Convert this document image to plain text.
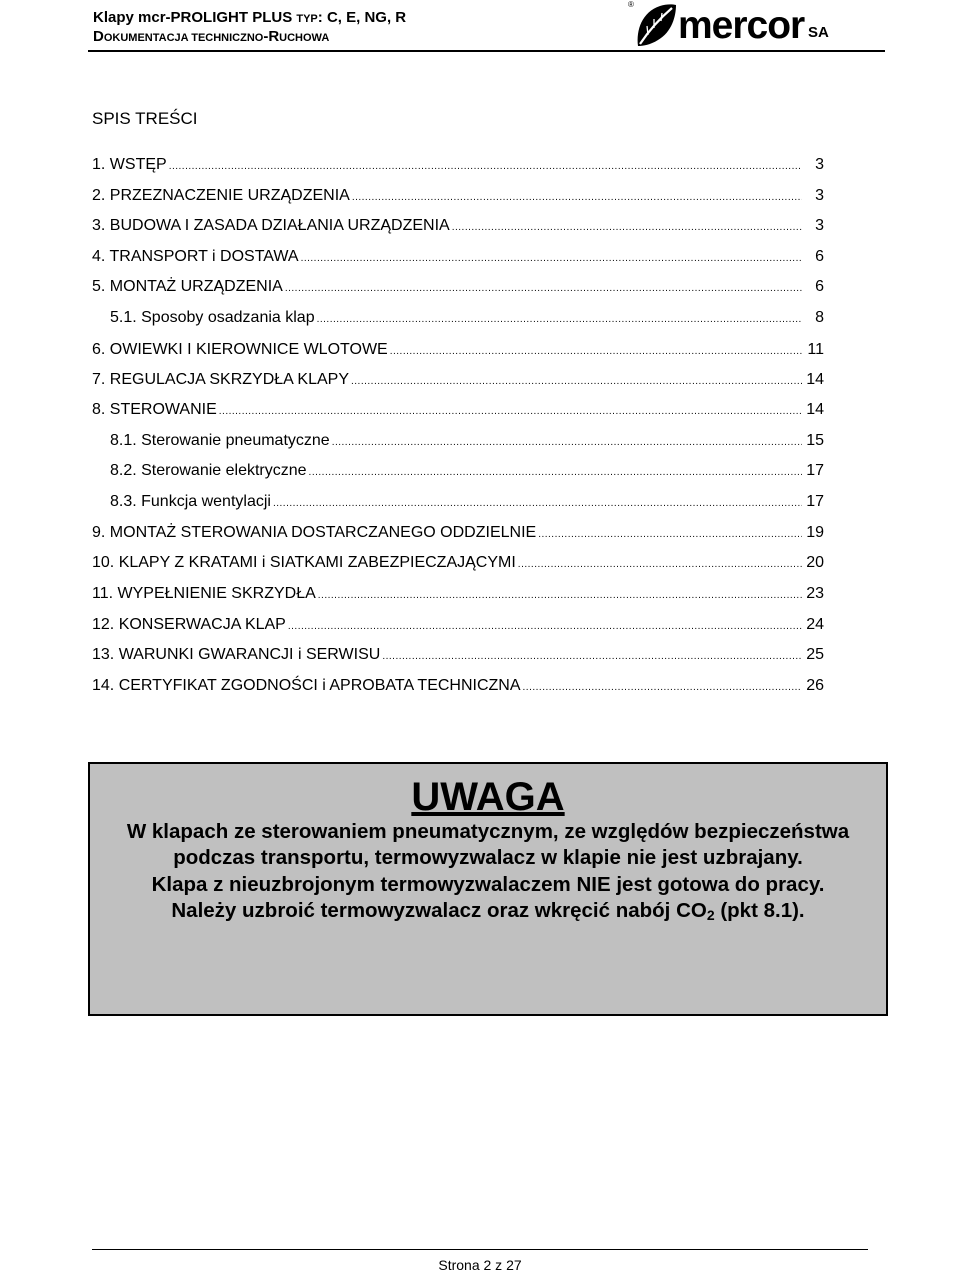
Klapy mcr-PROLIGHT PLUS TYP: C, E, NG, R
DOKUMENTACJA TECHNICZNO-RUCHOWA
® mercor SA
SPIS TREŚCI
1. WSTĘP .....	3
2. PRZEZNACZENIE URZĄDZENIA .....	3
3. BUDOWA I ZASADA DZIAŁANIA URZĄDZENIA .....	3
4. TRANSPORT i DOSTAWA .....	6
5. MONTAŻ URZĄDZENIA .....	6
5.1. Sposoby osadzania klap .....	8
6. OWIEWKI I KIEROWNICE WLOTOWE .....	11
7. REGULACJA SKRZYDŁA KLAPY .....	14
8. STEROWANIE .....	14
8.1. Sterowanie pneumatyczne .....	15
8.2. Sterowanie elektryczne .....	17
8.3. Funkcja wentylacji .....	17
9. MONTAŻ STEROWANIA DOSTARCZANEGO ODDZIELNIE .....	19
10. KLAPY Z KRATAMI i SIATKAMI ZABEZPIECZAJĄCYMI .....	20
11. WYPEŁNIENIE SKRZYDŁA .....	23
12. KONSERWACJA KLAP .....	24
13. WARUNKI GWARANCJI i SERWISU .....	25
14. CERTYFIKAT ZGODNOŚCI i APROBATA TECHNICZNA .....	26
UWAGA
W klapach ze sterowaniem pneumatycznym, ze względów bezpieczeństwa podczas transportu, termowyzwalacz w klapie nie jest uzbrajany.
Klapa z nieuzbrojonym termowyzwalaczem NIE jest gotowa do pracy.
Należy uzbroić termowyzwalacz oraz wkręcić nabój $CO_2$ (pkt 8.1).
Strona 2 z 27
